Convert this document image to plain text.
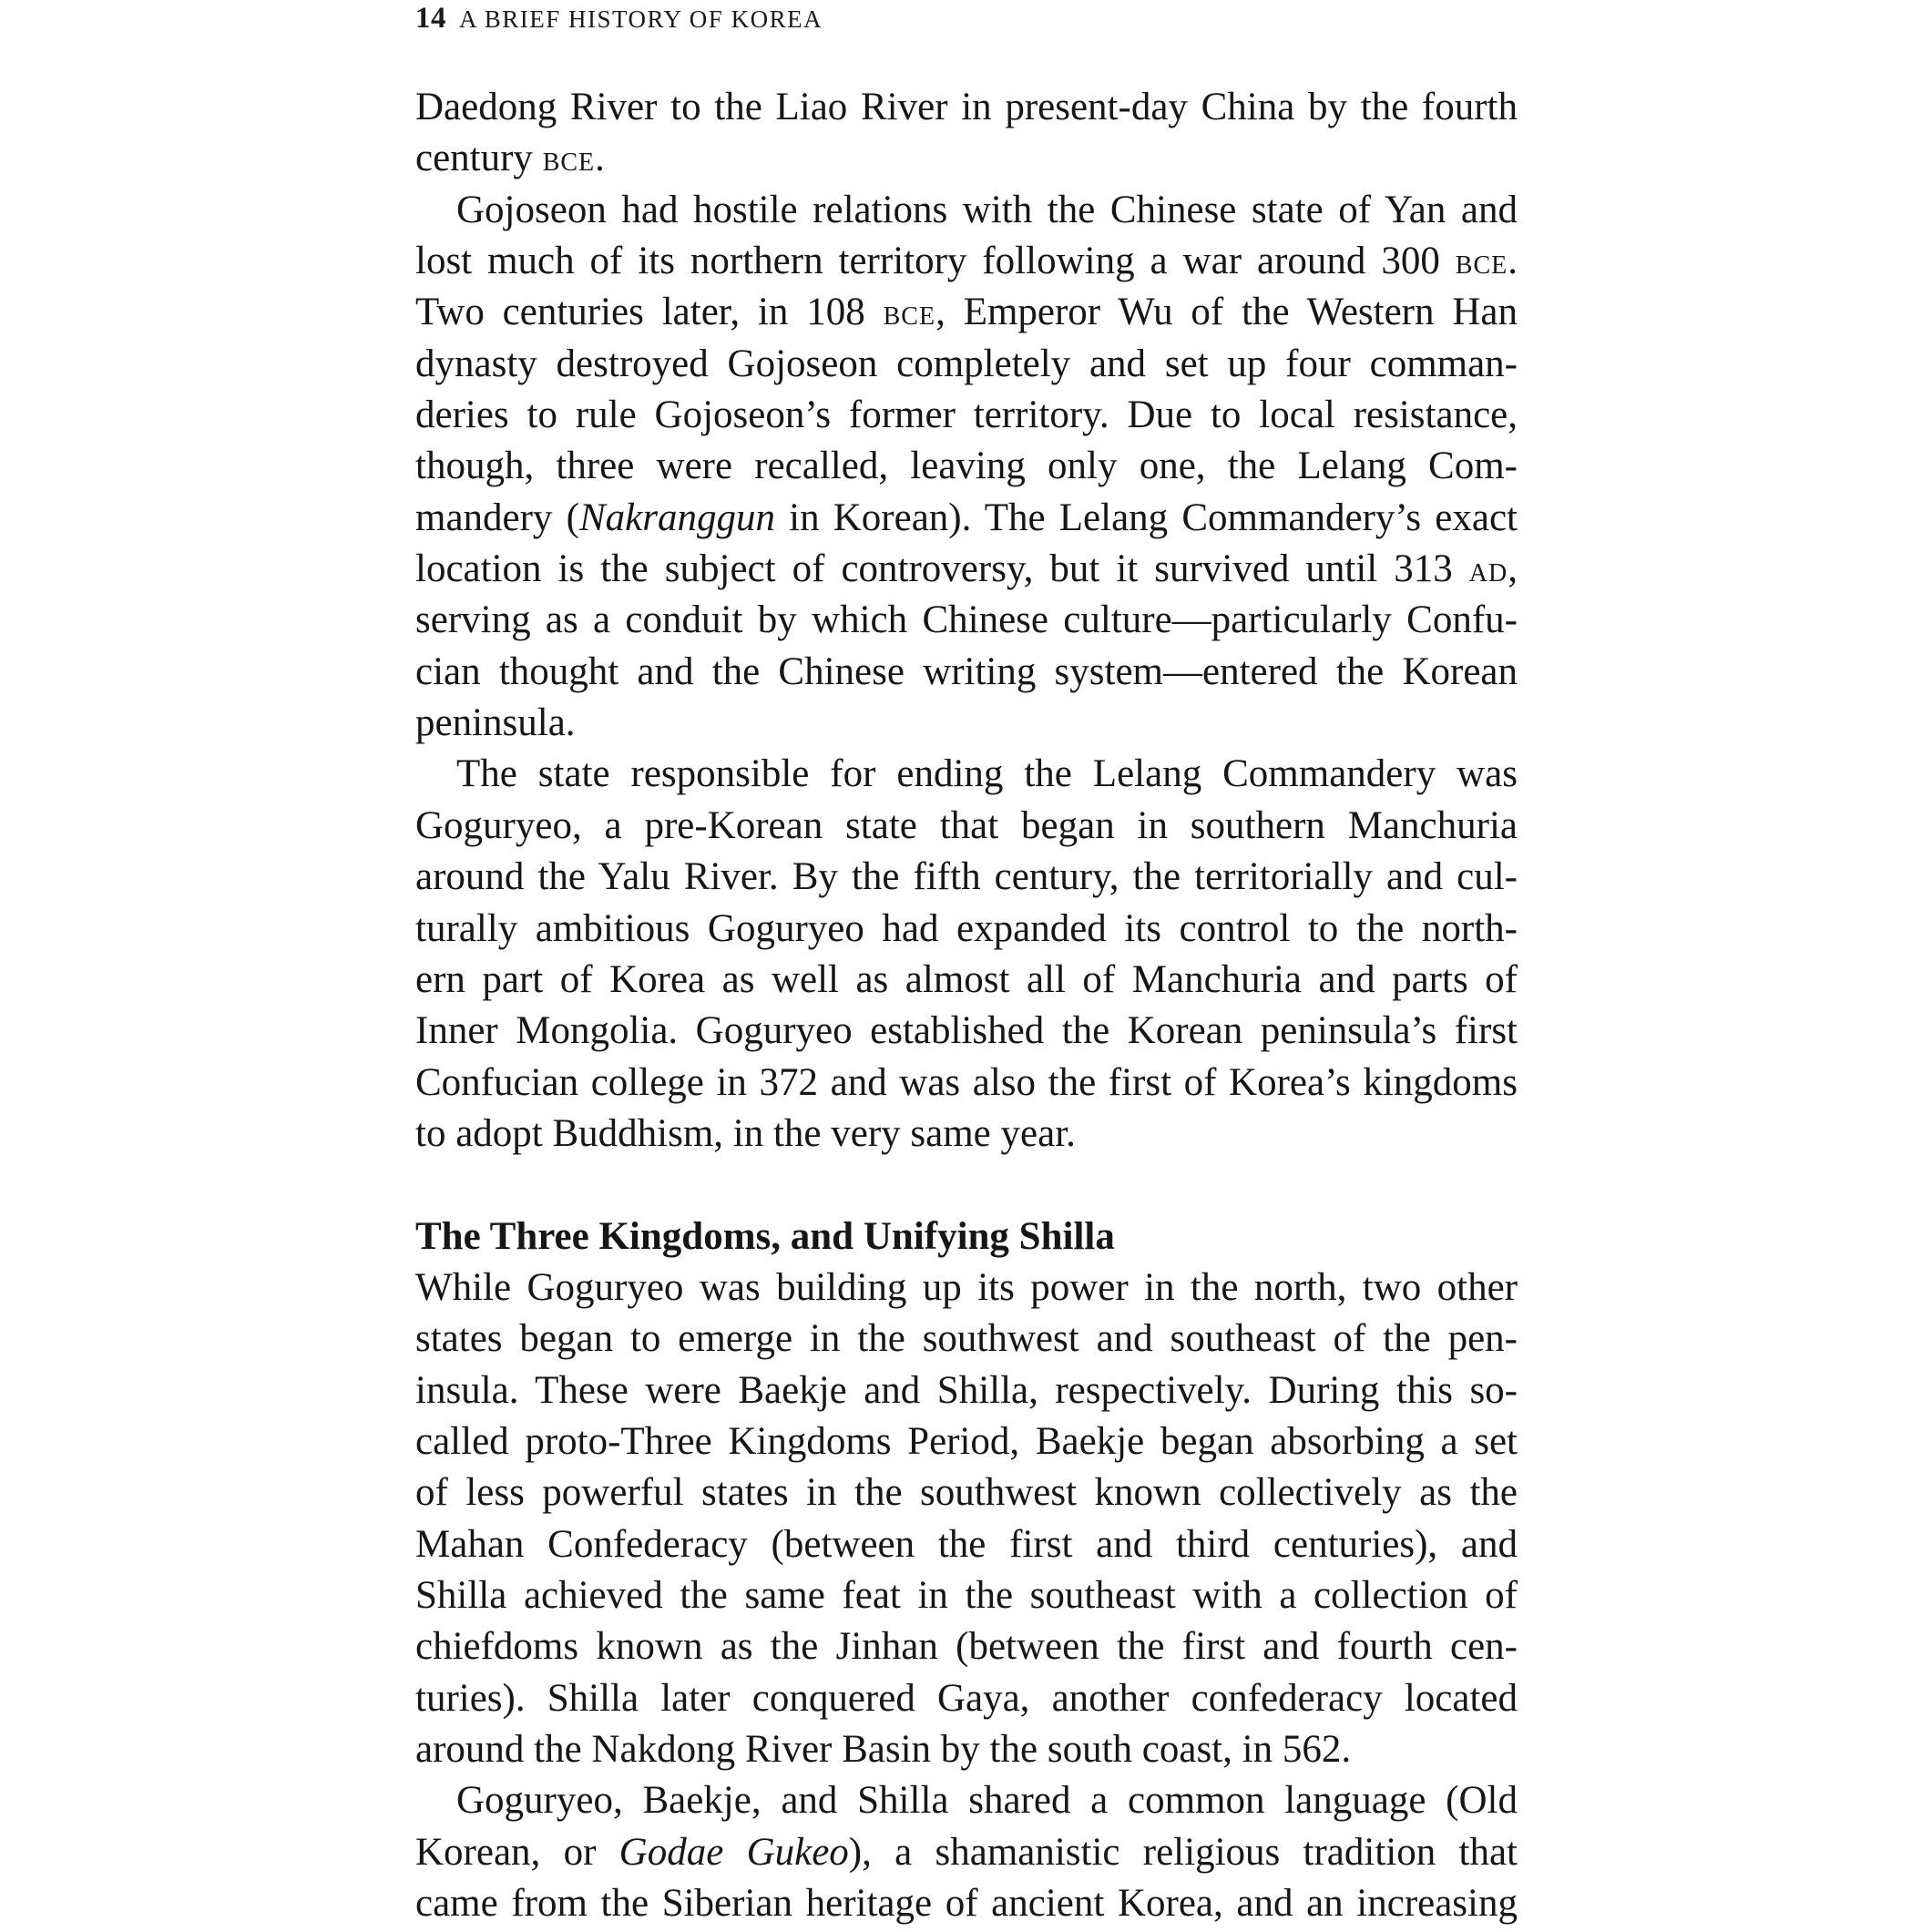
14 A BRIEF HISTORY OF KOREA
Daedong River to the Liao River in present-day China by the fourth
century bce.
Gojoseon had hostile relations with the Chinese state of Yan and
lost much of its northern territory following a war around 300 bce.
Two centuries later, in 108 bce, Emperor Wu of the Western Han
dynasty destroyed Gojoseon completely and set up four comman-
deries to rule Gojoseon’s former territory. Due to local resistance,
though, three were recalled, leaving only one, the Lelang Com-
mandery (Nakranggun in Korean). The Lelang Commandery’s exact
location is the subject of controversy, but it survived until 313 ad,
serving as a conduit by which Chinese culture—particularly Confu-
cian thought and the Chinese writing system—entered the Korean
peninsula.
The state responsible for ending the Lelang Commandery was
Goguryeo, a pre-Korean state that began in southern Manchuria
around the Yalu River. By the fifth century, the territorially and cul-
turally ambitious Goguryeo had expanded its control to the north-
ern part of Korea as well as almost all of Manchuria and parts of
Inner Mongolia. Goguryeo established the Korean peninsula’s first
Confucian college in 372 and was also the first of Korea’s kingdoms
to adopt Buddhism, in the very same year.
The Three Kingdoms, and Unifying Shilla
While Goguryeo was building up its power in the north, two other
states began to emerge in the southwest and southeast of the pen-
insula. These were Baekje and Shilla, respectively. During this so-
called proto-Three Kingdoms Period, Baekje began absorbing a set
of less powerful states in the southwest known collectively as the
Mahan Confederacy (between the first and third centuries), and
Shilla achieved the same feat in the southeast with a collection of
chiefdoms known as the Jinhan (between the first and fourth cen-
turies). Shilla later conquered Gaya, another confederacy located
around the Nakdong River Basin by the south coast, in 562.
Goguryeo, Baekje, and Shilla shared a common language (Old
Korean, or Godae Gukeo), a shamanistic religious tradition that
came from the Siberian heritage of ancient Korea, and an increasing
